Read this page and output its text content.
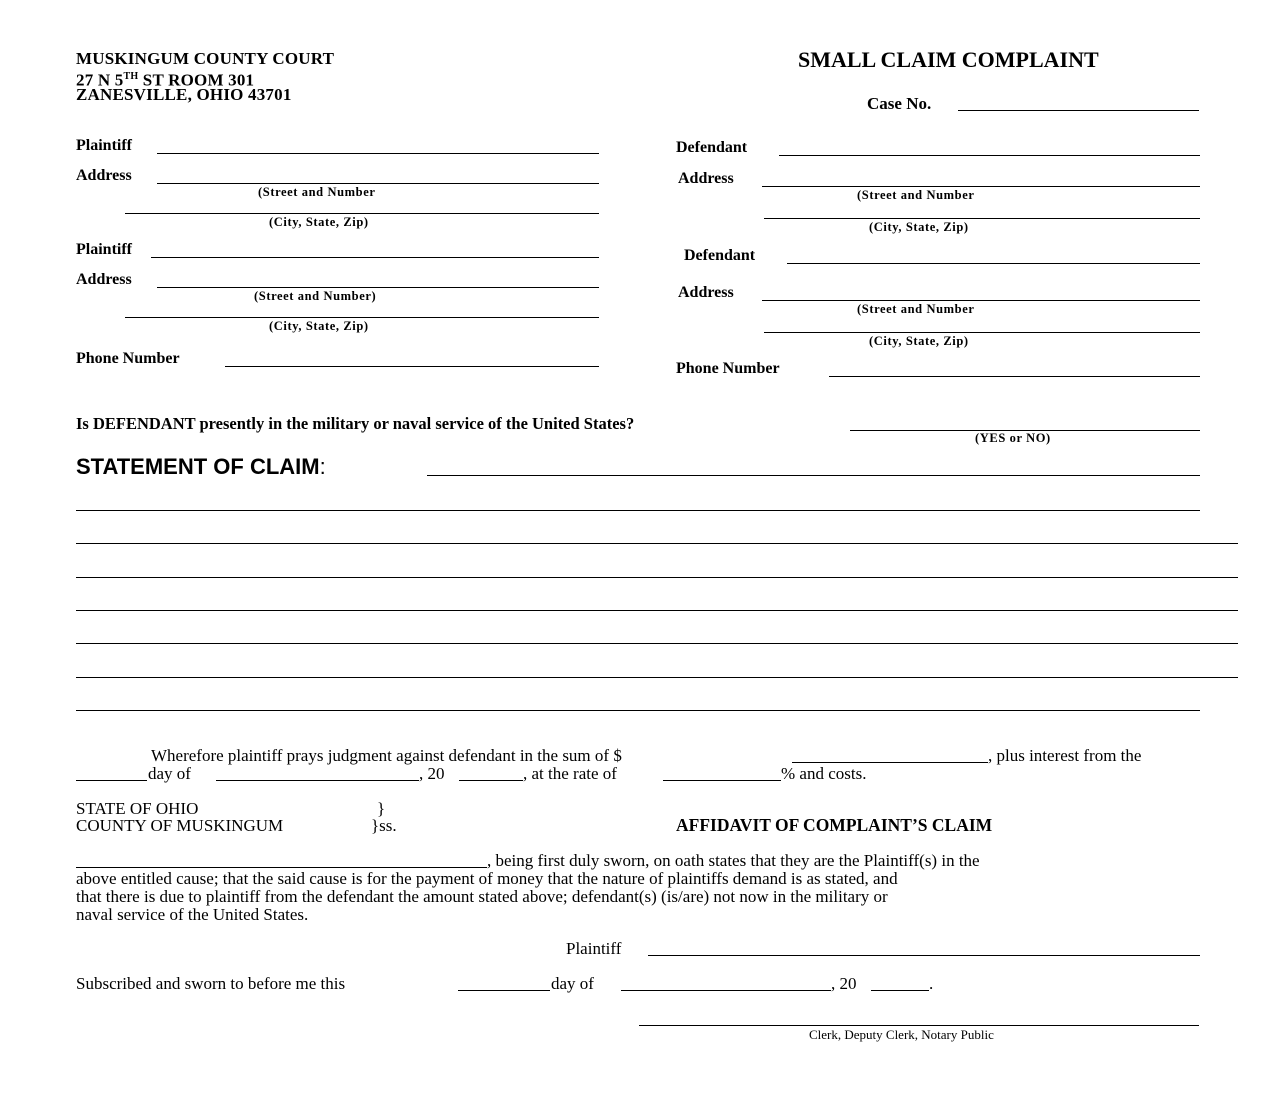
MUSKINGUM COUNTY COURT
27 N 5TH ST ROOM 301
ZANESVILLE, OHIO 43701
SMALL CLAIM COMPLAINT
Case No.
Plaintiff
Address
(Street and Number
(City, State, Zip)
Plaintiff
Address
(Street and Number)
(City, State, Zip)
Phone Number
Defendant
Address
(Street and Number
(City, State, Zip)
Defendant
Address
(Street and Number
(City, State, Zip)
Phone Number
Is DEFENDANT presently in the military or naval service of the United States?
(YES or NO)
STATEMENT OF CLAIM:
Wherefore plaintiff prays judgment against defendant in the sum of $	, plus interest from the
day of	, 20	, at the rate of	% and costs.
STATE OF OHIO	}
COUNTY OF MUSKINGUM	}ss.	AFFIDAVIT OF COMPLAINT’S CLAIM
, being first duly sworn, on oath states that they are the Plaintiff(s) in the
above entitled cause; that the said cause is for the payment of money that the nature of plaintiffs demand is as stated, and
that there is due to plaintiff from the defendant the amount stated above; defendant(s) (is/are) not now in the military or
naval service of the United States.
Plaintiff
Subscribed and sworn to before me this	day of	, 20	.
Clerk, Deputy Clerk, Notary Public
